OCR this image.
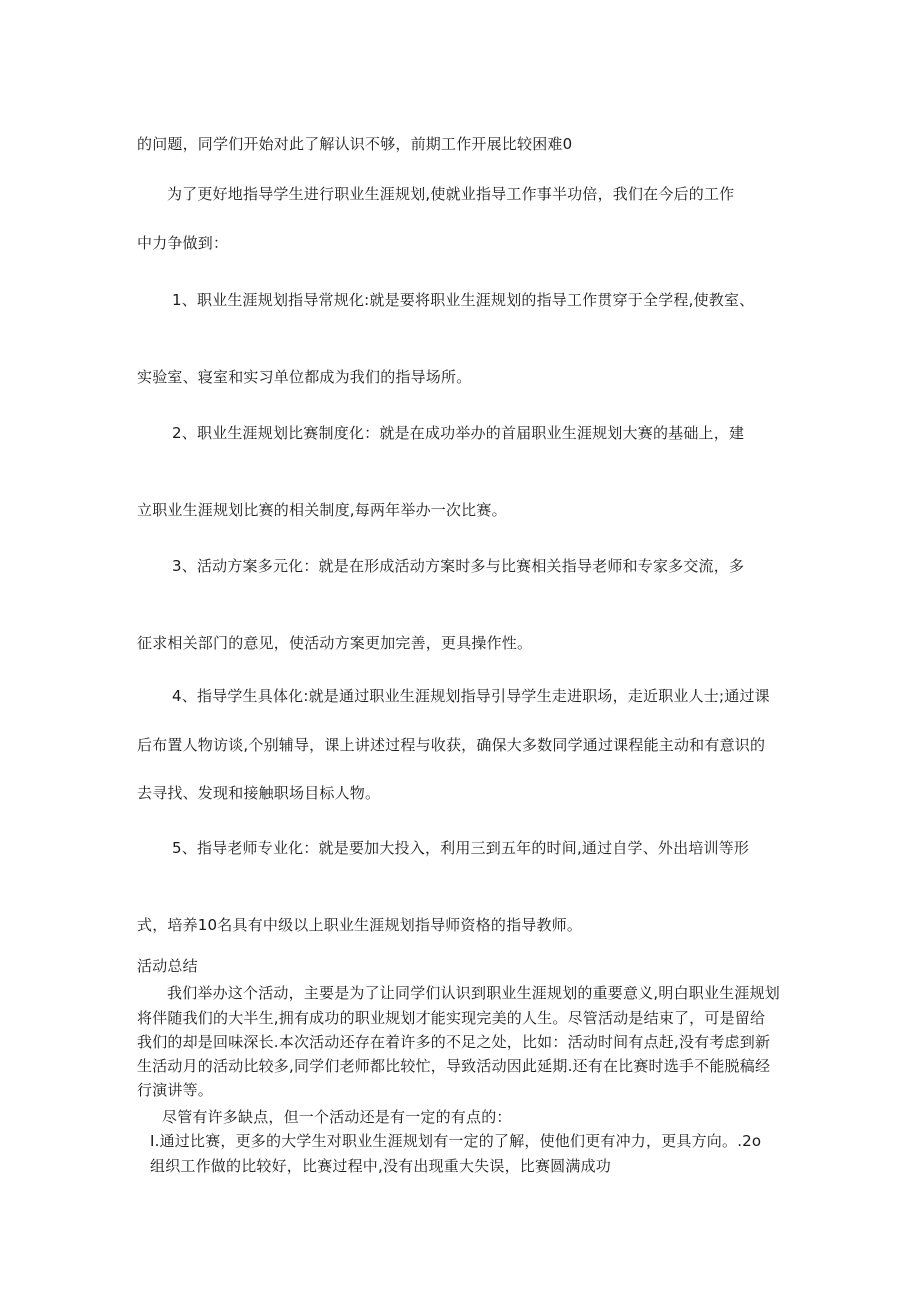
的问题，同学们开始对此了解认识不够，前期工作开展比较困难0
为了更好地指导学生进行职业生涯规划,使就业指导工作事半功倍，我们在今后的工作
中力争做到：
1、职业生涯规划指导常规化:就是要将职业生涯规划的指导工作贯穿于全学程,使教室、
实验室、寝室和实习单位都成为我们的指导场所。
2、职业生涯规划比赛制度化：就是在成功举办的首届职业生涯规划大赛的基础上，建
立职业生涯规划比赛的相关制度,每两年举办一次比赛。
3、活动方案多元化：就是在形成活动方案时多与比赛相关指导老师和专家多交流，多
征求相关部门的意见，使活动方案更加完善，更具操作性。
4、指导学生具体化:就是通过职业生涯规划指导引导学生走进职场，走近职业人士;通过课
后布置人物访谈,个别辅导，课上讲述过程与收获，确保大多数同学通过课程能主动和有意识的
去寻找、发现和接触职场目标人物。
5、指导老师专业化：就是要加大投入，利用三到五年的时间,通过自学、外出培训等形
式，培养10名具有中级以上职业生涯规划指导师资格的指导教师。
活动总结
我们举办这个活动，主要是为了让同学们认识到职业生涯规划的重要意义,明白职业生涯规划
将伴随我们的大半生,拥有成功的职业规划才能实现完美的人生。尽管活动是结束了，可是留给
我们的却是回味深长.本次活动还存在着许多的不足之处，比如：活动时间有点赶,没有考虑到新
生活动月的活动比较多,同学们老师都比较忙，导致活动因此延期.还有在比赛时选手不能脱稿经
行演讲等。
尽管有许多缺点，但一个活动还是有一定的有点的：
I.通过比赛，更多的大学生对职业生涯规划有一定的了解，使他们更有冲力，更具方向。.2o
组织工作做的比较好，比赛过程中,没有出现重大失误，比赛圆满成功
